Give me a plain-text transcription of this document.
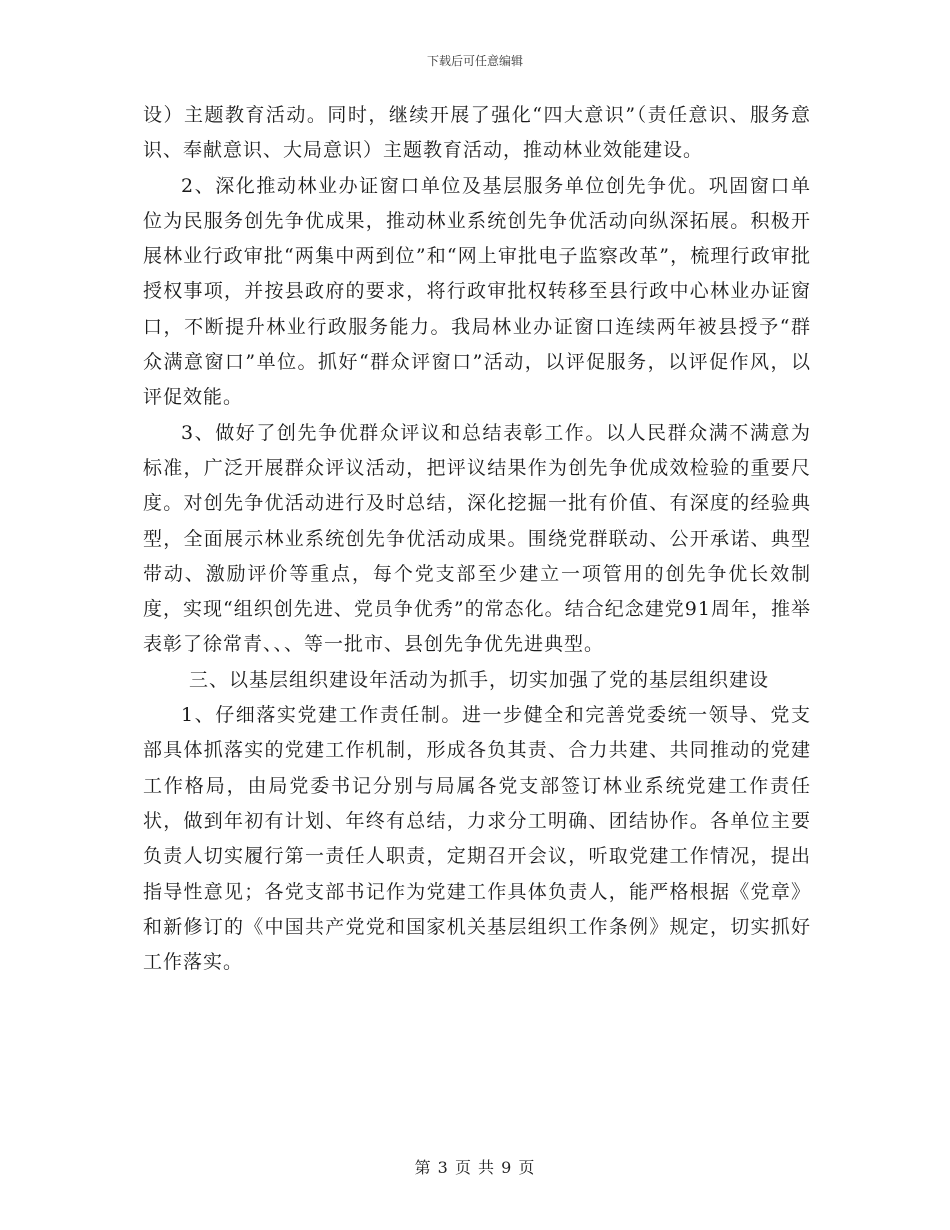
下载后可任意编辑

设）主题教育活动。同时，继续开展了强化“四大意识”（责任意识、服务意识、奉献意识、大局意识）主题教育活动，推动林业效能建设。

2、深化推动林业办证窗口单位及基层服务单位创先争优。巩固窗口单位为民服务创先争优成果，推动林业系统创先争优活动向纵深拓展。积极开展林业行政审批“两集中两到位”和“网上审批电子监察改革”，梳理行政审批授权事项，并按县政府的要求，将行政审批权转移至县行政中心林业办证窗口，不断提升林业行政服务能力。我局林业办证窗口连续两年被县授予“群众满意窗口”单位。抓好“群众评窗口”活动，以评促服务，以评促作风，以评促效能。

3、做好了创先争优群众评议和总结表彰工作。以人民群众满不满意为标准，广泛开展群众评议活动，把评议结果作为创先争优成效检验的重要尺度。对创先争优活动进行及时总结，深化挖掘一批有价值、有深度的经验典型，全面展示林业系统创先争优活动成果。围绕党群联动、公开承诺、典型带动、激励评价等重点，每个党支部至少建立一项管用的创先争优长效制度，实现“组织创先进、党员争优秀”的常态化。结合纪念建党91周年，推举表彰了徐常青、、、等一批市、县创先争优先进典型。

三、以基层组织建设年活动为抓手，切实加强了党的基层组织建设

1、仔细落实党建工作责任制。进一步健全和完善党委统一领导、党支部具体抓落实的党建工作机制，形成各负其责、合力共建、共同推动的党建工作格局，由局党委书记分别与局属各党支部签订林业系统党建工作责任状，做到年初有计划、年终有总结，力求分工明确、团结协作。各单位主要负责人切实履行第一责任人职责，定期召开会议，听取党建工作情况，提出指导性意见；各党支部书记作为党建工作具体负责人，能严格根据《党章》和新修订的《中国共产党党和国家机关基层组织工作条例》规定，切实抓好工作落实。

第 3 页 共 9 页
